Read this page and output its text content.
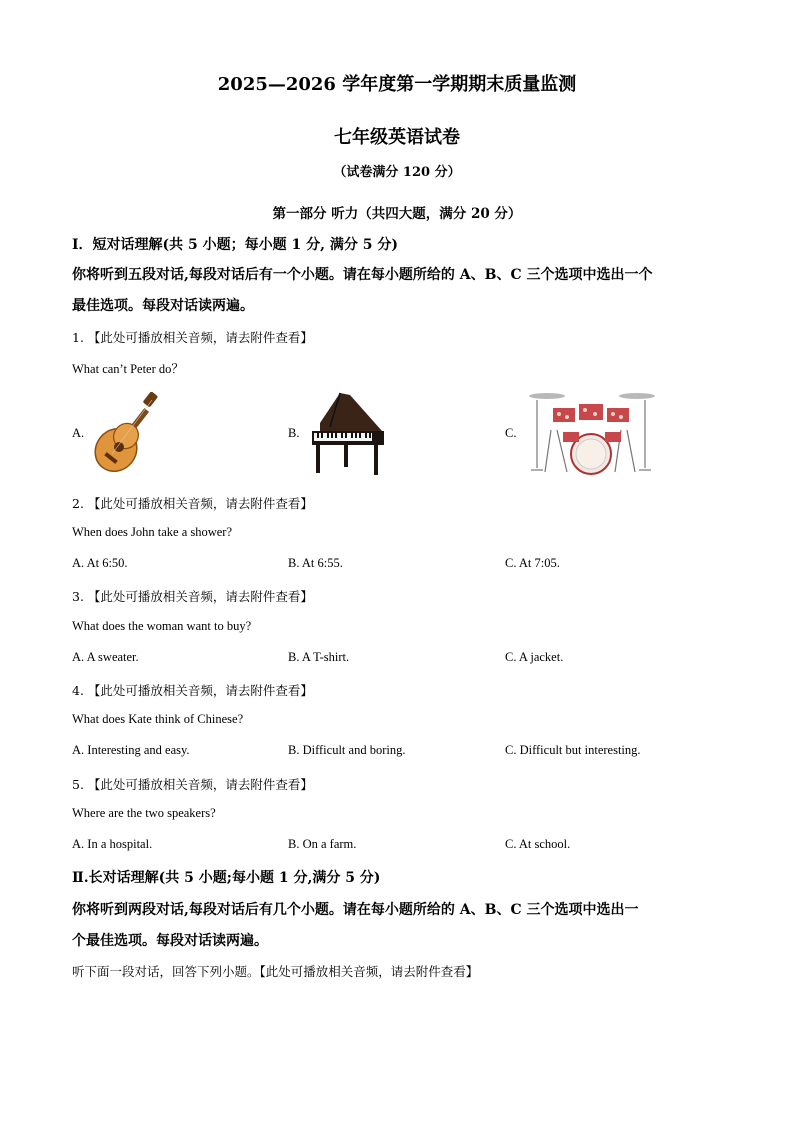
2025—2026 学年度第一学期期末质量监测
七年级英语试卷
（试卷满分 120 分）
第一部分 听力（共四大题，满分 20 分）
Ⅰ．短对话理解(共 5 小题；每小题 1 分, 满分 5 分)
你将听到五段对话,每段对话后有一个小题。请在每小题所给的 A、B、C 三个选项中选出一个
最佳选项。每段对话读两遍。
1. 【此处可播放相关音频，请去附件查看】
What can’t Peter do？
A.	B.	C.
2. 【此处可播放相关音频，请去附件查看】
When does John take a shower?
A. At 6:50.	B. At 6:55.	C. At 7:05.
3. 【此处可播放相关音频，请去附件查看】
What does the woman want to buy?
A. A sweater.	B. A T-shirt.	C. A jacket.
4. 【此处可播放相关音频，请去附件查看】
What does Kate think of Chinese?
A. Interesting and easy.	B. Difficult and boring.	C. Difficult but interesting.
5. 【此处可播放相关音频，请去附件查看】
Where are the two speakers?
A. In a hospital.	B. On a farm.	C. At school.
Ⅱ.长对话理解(共 5 小题;每小题 1 分,满分 5 分)
你将听到两段对话,每段对话后有几个小题。请在每小题所给的 A、B、C 三个选项中选出一
个最佳选项。每段对话读两遍。
听下面一段对话，回答下列小题。【此处可播放相关音频，请去附件查看】
